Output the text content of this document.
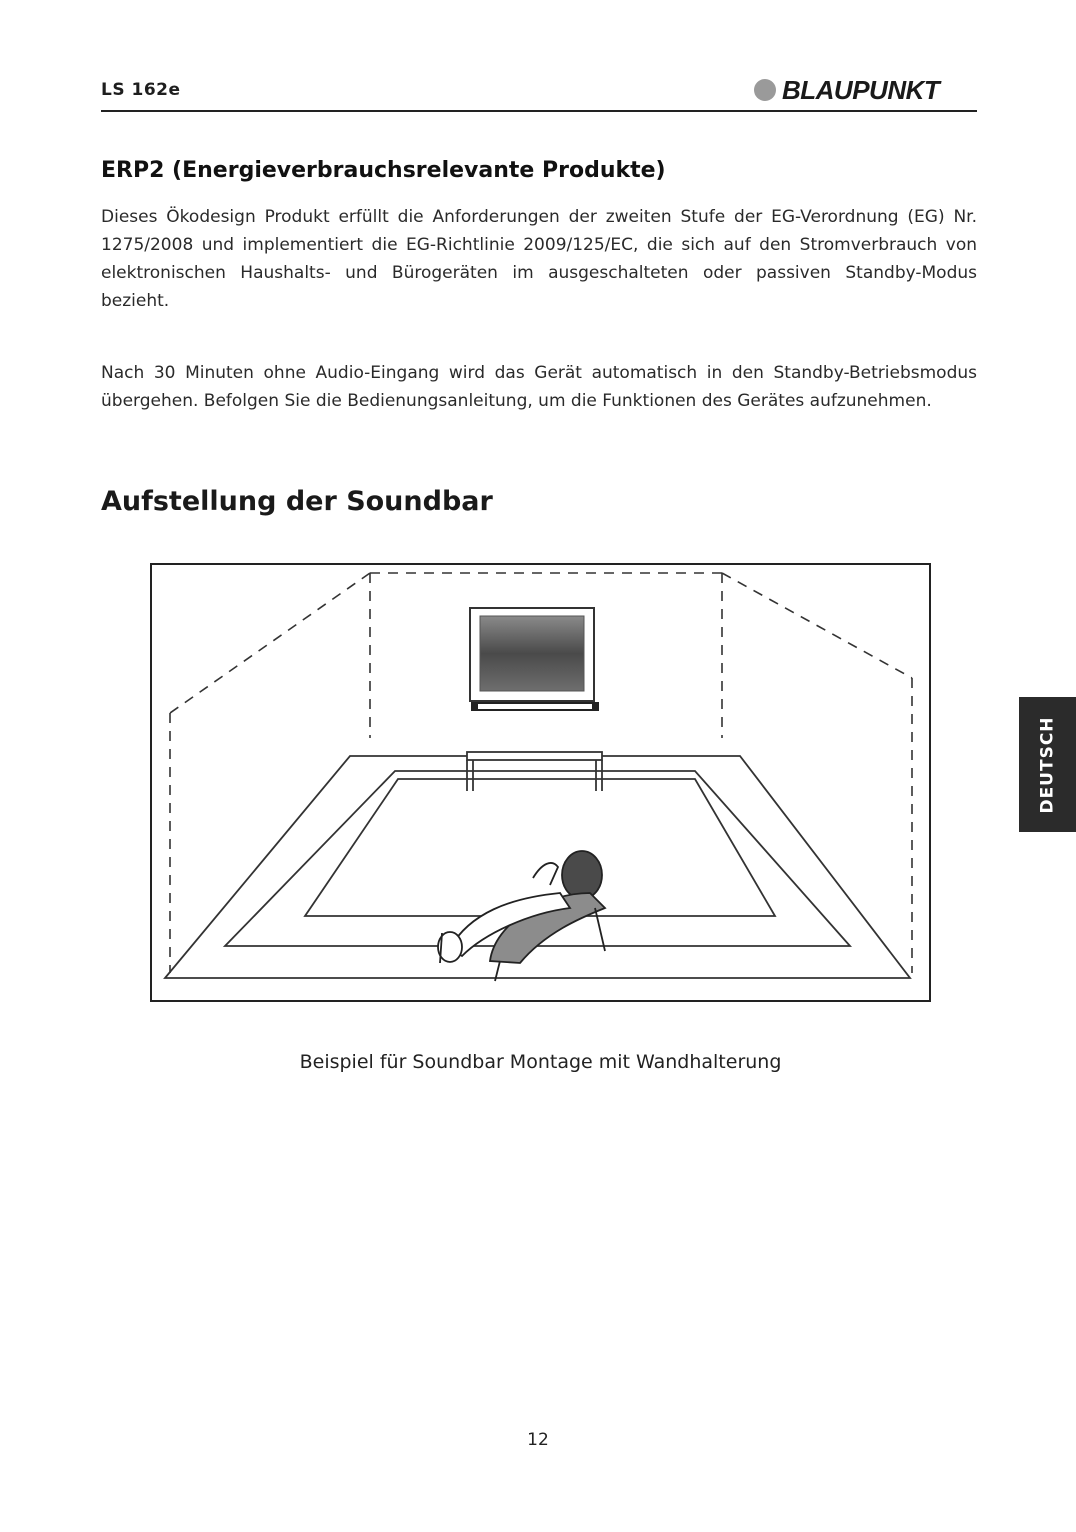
LS 162e	BLAUPUNKT
ERP2 (Energieverbrauchsrelevante Produkte)

Dieses Ökodesign Produkt erfüllt die Anforderungen der zweiten Stufe der EG-Verordnung (EG) Nr. 1275/2008 und implementiert die EG-Richtlinie 2009/125/EC, die sich auf den Stromverbrauch von elektronischen Haushalts- und Bürogeräten im ausgeschalteten oder passiven Standby-Modus bezieht.

Nach 30 Minuten ohne Audio-Eingang wird das Gerät automatisch in den Standby-Betriebsmodus übergehen. Befolgen Sie die Bedienungsanleitung, um die Funktionen des Gerätes aufzunehmen.

Aufstellung der Soundbar
Beispiel für Soundbar Montage mit Wandhalterung
12
DEUTSCH
